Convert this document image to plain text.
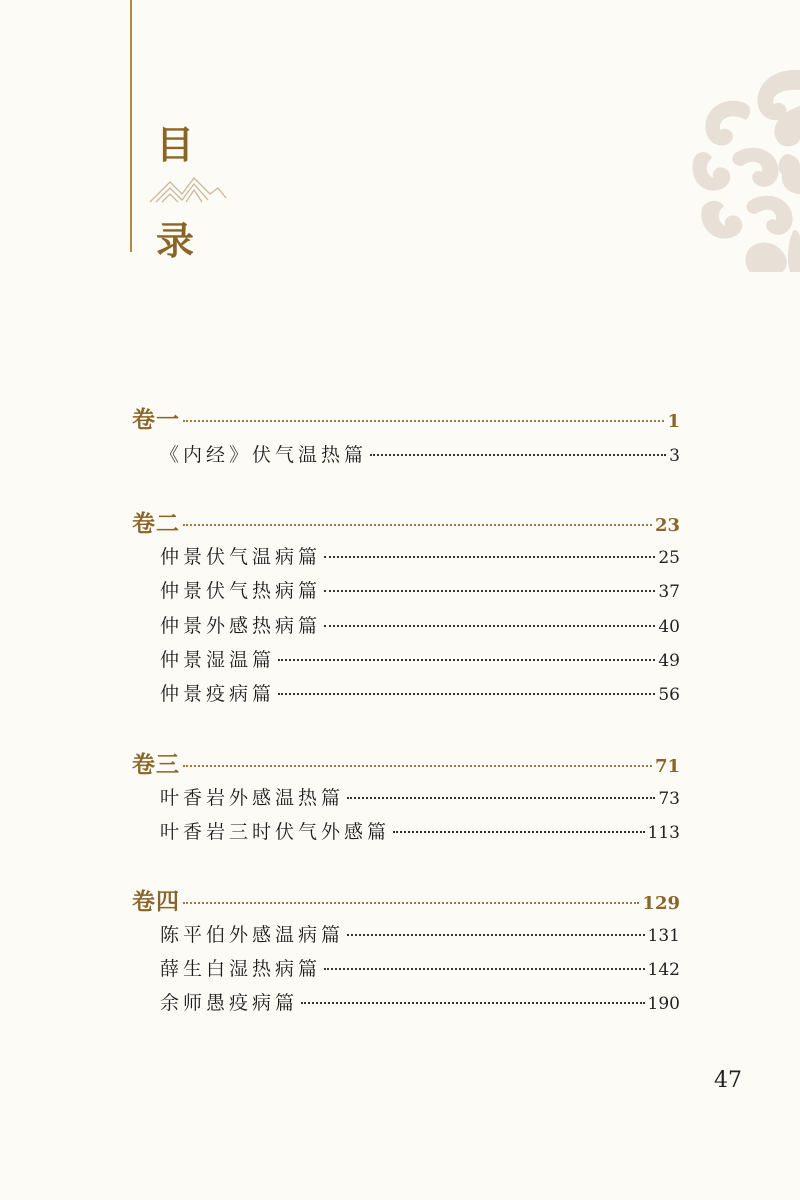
目
录
卷一	1
《内经》伏气温热篇	3
卷二	23
仲景伏气温病篇	25
仲景伏气热病篇	37
仲景外感热病篇	40
仲景湿温篇	49
仲景疫病篇	56
卷三	71
叶香岩外感温热篇	73
叶香岩三时伏气外感篇	113
卷四	129
陈平伯外感温病篇	131
薛生白湿热病篇	142
余师愚疫病篇	190
47
